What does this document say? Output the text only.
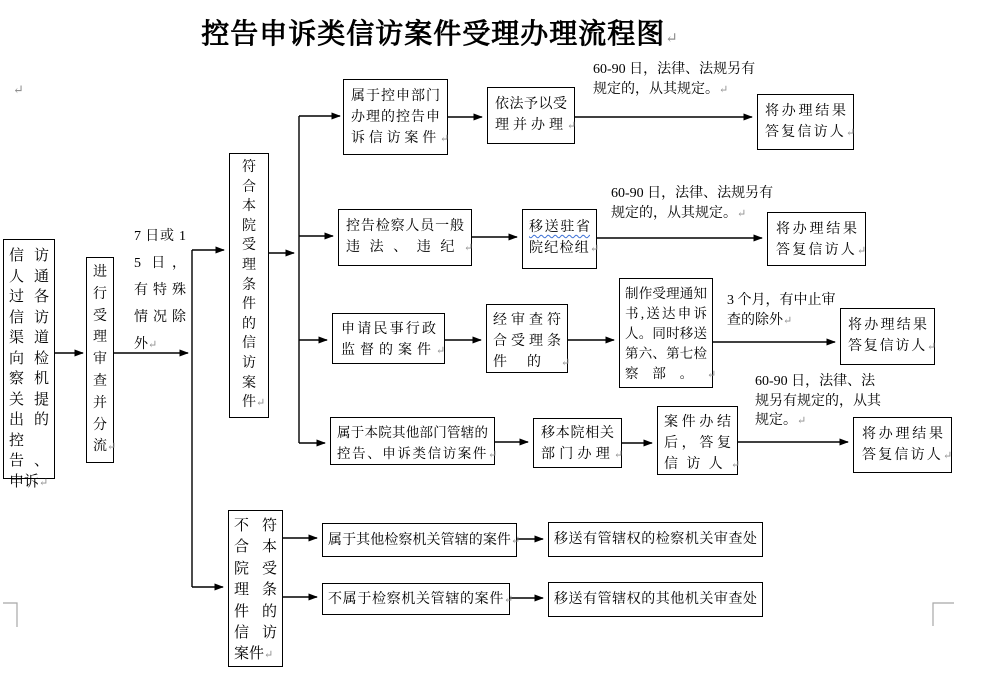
控告申诉类信访案件受理办理流程图↵
↵
信访人通过各信访渠道向检察机关提出的控告、申诉↵
进行受理审查并分流↵
7 日或 15 日，有特殊情况除外↵
符合本院受理条件的信访案件↵
不符合本院受理条件的信访案件↵
属于控申部门办理的控告申诉信访案件↵
依法予以受理并办理↵
60-90 日，法律、法规另有规定的，从其规定。↵
将办理结果答复信访人↵
控告检察人员一般违法、违纪↵
移送驻省院纪检组↵
60-90 日，法律、法规另有规定的，从其规定。↵
将办理结果答复信访人↵
申请民事行政监督的案件↵
经审查符合受理条件的↵
制作受理通知书,送达申诉人。同时移送第六、第七检察部。↵
3 个月，有中止审查的除外↵	将办理结果答复信访人↵
属于本院其他部门管辖的控告、申诉类信访案件↵
移本院相关部门办理↵
案件办结后，答复信访人↵
60-90 日，法律、法规另有规定的，从其规定。↵
将办理结果答复信访人↵
属于其他检察机关管辖的案件↵	移送有管辖权的检察机关审查处
不属于检察机关管辖的案件↵	移送有管辖权的其他机关审查处
